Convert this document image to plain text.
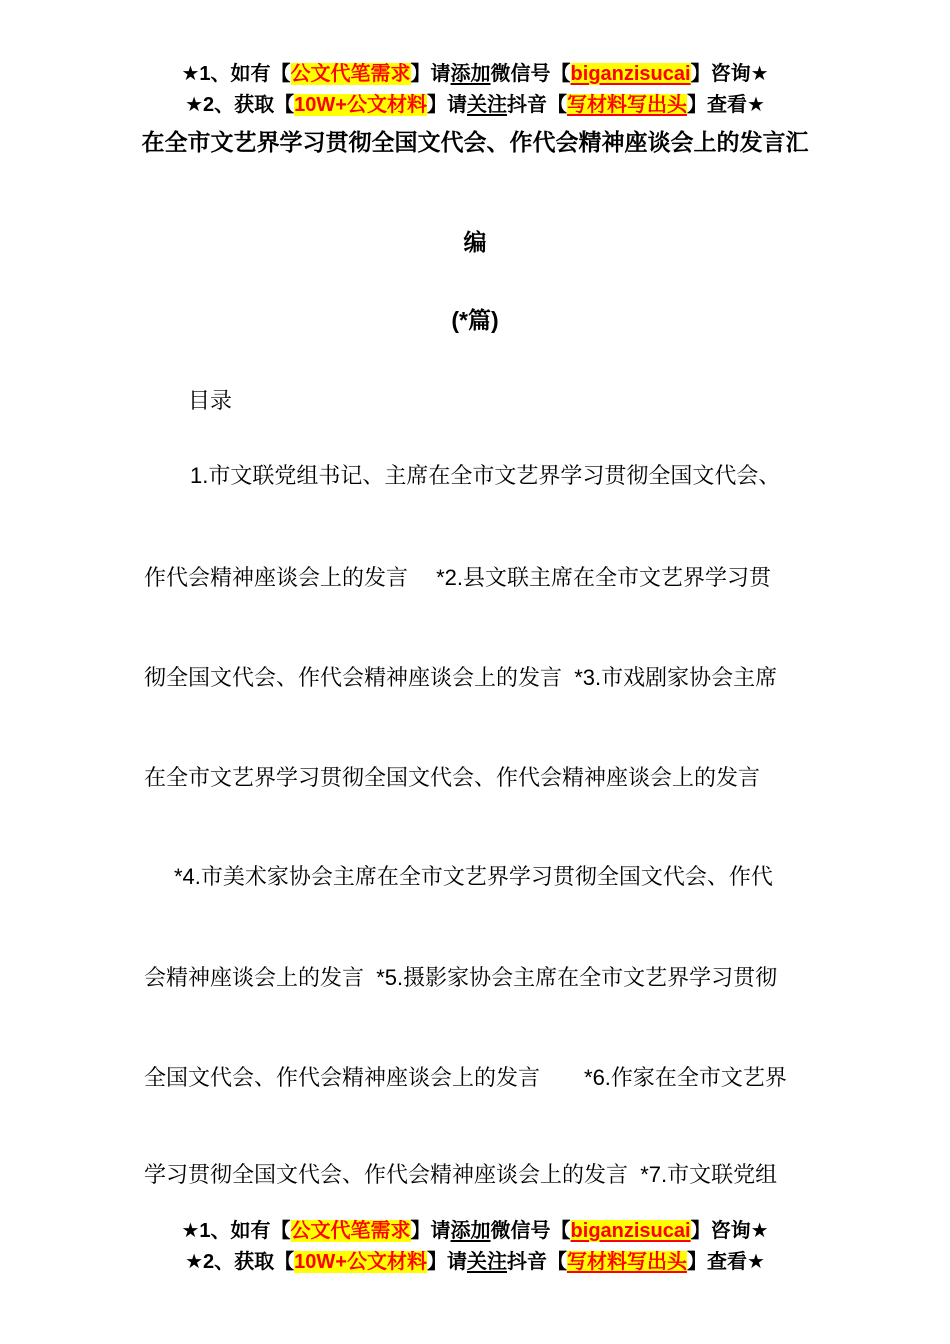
★1、如有【公文代笔需求】请添加微信号【biganzisucai】咨询★
★2、获取【10W+公文材料】请关注抖音【写材料写出头】查看★
在全市文艺界学习贯彻全国文代会、作代会精神座谈会上的发言汇
编
(*篇)
目录
1.市文联党组书记、主席在全市文艺界学习贯彻全国文代会、
作代会精神座谈会上的发言　 *2.县文联主席在全市文艺界学习贯
彻全国文代会、作代会精神座谈会上的发言  *3.市戏剧家协会主席
在全市文艺界学习贯彻全国文代会、作代会精神座谈会上的发言
*4.市美术家协会主席在全市文艺界学习贯彻全国文代会、作代
会精神座谈会上的发言  *5.摄影家协会主席在全市文艺界学习贯彻
全国文代会、作代会精神座谈会上的发言　　*6.作家在全市文艺界
学习贯彻全国文代会、作代会精神座谈会上的发言  *7.市文联党组
★1、如有【公文代笔需求】请添加微信号【biganzisucai】咨询★
★2、获取【10W+公文材料】请关注抖音【写材料写出头】查看★
